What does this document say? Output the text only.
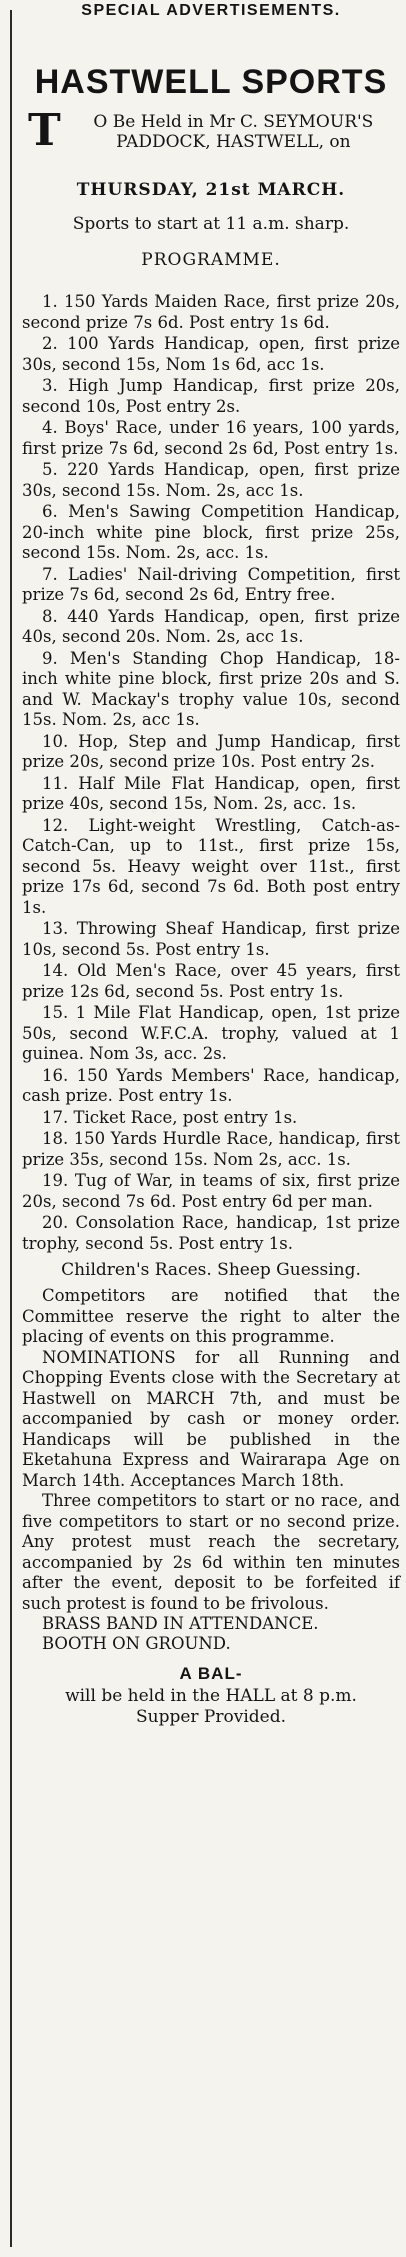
SPECIAL ADVERTISEMENTS.
HASTWELL SPORTS
T O Be Held in Mr C. SEYMOUR'S PADDOCK, HASTWELL, on
THURSDAY, 21st MARCH.
Sports to start at 11 a.m. sharp.
PROGRAMME.
1. 150 Yards Maiden Race, first prize 20s, second prize 7s 6d. Post entry 1s 6d.
2. 100 Yards Handicap, open, first prize 30s, second 15s, Nom 1s 6d, acc 1s.
3. High Jump Handicap, first prize 20s, second 10s, Post entry 2s.
4. Boys' Race, under 16 years, 100 yards, first prize 7s 6d, second 2s 6d, Post entry 1s.
5. 220 Yards Handicap, open, first prize 30s, second 15s. Nom. 2s, acc 1s.
6. Men's Sawing Competition Handicap, 20-inch white pine block, first prize 25s, second 15s. Nom. 2s, acc. 1s.
7. Ladies' Nail-driving Competition, first prize 7s 6d, second 2s 6d, Entry free.
8. 440 Yards Handicap, open, first prize 40s, second 20s. Nom. 2s, acc 1s.
9. Men's Standing Chop Handicap, 18-inch white pine block, first prize 20s and S. and W. Mackay's trophy value 10s, second 15s. Nom. 2s, acc 1s.
10. Hop, Step and Jump Handicap, first prize 20s, second prize 10s. Post entry 2s.
11. Half Mile Flat Handicap, open, first prize 40s, second 15s, Nom. 2s, acc. 1s.
12. Light-weight Wrestling, Catch-as-Catch-Can, up to 11st., first prize 15s, second 5s. Heavy weight over 11st., first prize 17s 6d, second 7s 6d. Both post entry 1s.
13. Throwing Sheaf Handicap, first prize 10s, second 5s. Post entry 1s.
14. Old Men's Race, over 45 years, first prize 12s 6d, second 5s. Post entry 1s.
15. 1 Mile Flat Handicap, open, 1st prize 50s, second W.F.C.A. trophy, valued at 1 guinea. Nom 3s, acc. 2s.
16. 150 Yards Members' Race, handicap, cash prize. Post entry 1s.
17. Ticket Race, post entry 1s.
18. 150 Yards Hurdle Race, handicap, first prize 35s, second 15s. Nom 2s, acc. 1s.
19. Tug of War, in teams of six, first prize 20s, second 7s 6d. Post entry 6d per man.
20. Consolation Race, handicap, 1st prize trophy, second 5s. Post entry 1s.
Children's Races. Sheep Guessing.

Competitors are notified that the Committee reserve the right to alter the placing of events on this programme.

NOMINATIONS for all Running and Chopping Events close with the Secretary at Hastwell on MARCH 7th, and must be accompanied by cash or money order. Handicaps will be published in the Eketahuna Express and Wairarapa Age on March 14th. Acceptances March 18th.

Three competitors to start or no race, and five competitors to start or no second prize. Any protest must reach the secretary, accompanied by 2s 6d within ten minutes after the event, deposit to be forfeited if such protest is found to be frivolous.

BRASS BAND IN ATTENDANCE.

BOOTH ON GROUND.

A BAL-

will be held in the HALL at 8 p.m.

Supper Provided.
